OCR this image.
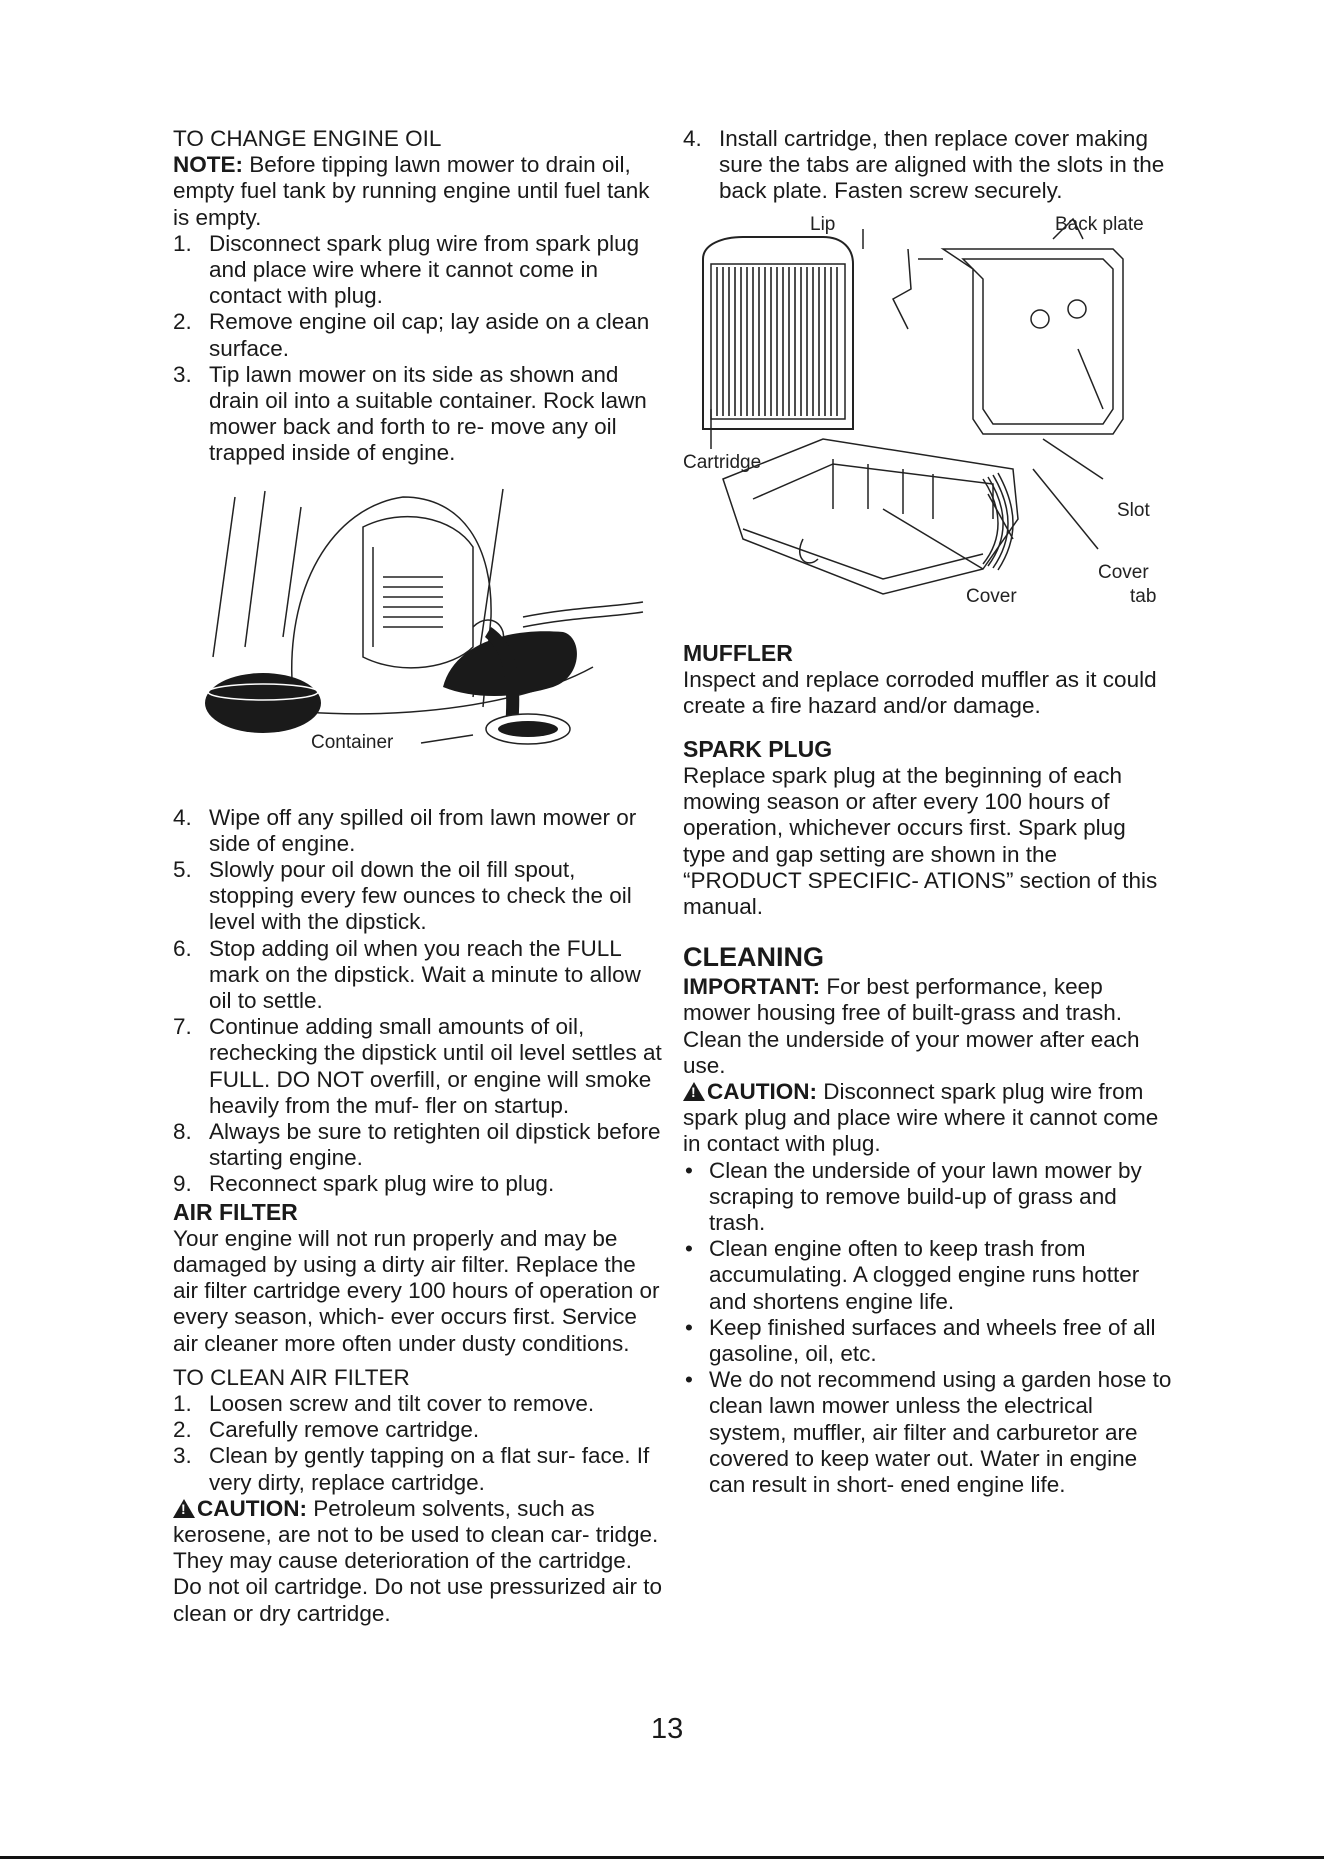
TO CHANGE ENGINE OIL

NOTE: Before tipping lawn mower to drain oil, empty fuel tank by running engine until fuel tank is empty.

1. Disconnect spark plug wire from spark plug and place wire where it cannot come in contact with plug.
2. Remove engine oil cap; lay aside on a clean surface.
3. Tip lawn mower on its side as shown and drain oil into a suitable container. Rock lawn mower back and forth to re- move any oil trapped inside of engine.
Container
4. Wipe off any spilled oil from lawn mower or side of engine.
5. Slowly pour oil down the oil fill spout, stopping every few ounces to check the oil level with the dipstick.
6. Stop adding oil when you reach the FULL mark on the dipstick. Wait a minute to allow oil to settle.
7. Continue adding small amounts of oil, rechecking the dipstick until oil level settles at FULL. DO NOT overfill, or engine will smoke heavily from the muf- fler on startup.
8. Always be sure to retighten oil dipstick before starting engine.
9. Reconnect spark plug wire to plug.
AIR FILTER

Your engine will not run properly and may be damaged by using a dirty air filter. Replace the air filter cartridge every 100 hours of operation or every season, which- ever occurs first. Service air cleaner more often under dusty conditions.

TO CLEAN AIR FILTER
1. Loosen screw and tilt cover to remove.
2. Carefully remove cartridge.
3. Clean by gently tapping on a flat sur- face. If very dirty, replace cartridge.

!CAUTION: Petroleum solvents, such as kerosene, are not to be used to clean car- tridge. They may cause deterioration of the cartridge. Do not oil cartridge. Do not use pressurized air to clean or dry cartridge.

4. Install cartridge, then replace cover making sure the tabs are aligned with the slots in the back plate. Fasten screw securely.
Lip	Back plate
Cartridge
Slot
Cover
tab
Cover
MUFFLER

Inspect and replace corroded muffler as it could create a fire hazard and/or damage.

SPARK PLUG

Replace spark plug at the beginning of each mowing season or after every 100 hours of operation, whichever occurs first. Spark plug type and gap setting are shown in the “PRODUCT SPECIFIC- ATIONS” section of this manual.

CLEANING

IMPORTANT: For best performance, keep mower housing free of built-grass and trash. Clean the underside of your mower after each use.

!CAUTION: Disconnect spark plug wire from spark plug and place wire where it cannot come in contact with plug.

• Clean the underside of your lawn mower by scraping to remove build-up of grass and trash.
• Clean engine often to keep trash from accumulating. A clogged engine runs hotter and shortens engine life.
• Keep finished surfaces and wheels free of all gasoline, oil, etc.
• We do not recommend using a garden hose to clean lawn mower unless the electrical system, muffler, air filter and carburetor are covered to keep water out. Water in engine can result in short- ened engine life.
13
